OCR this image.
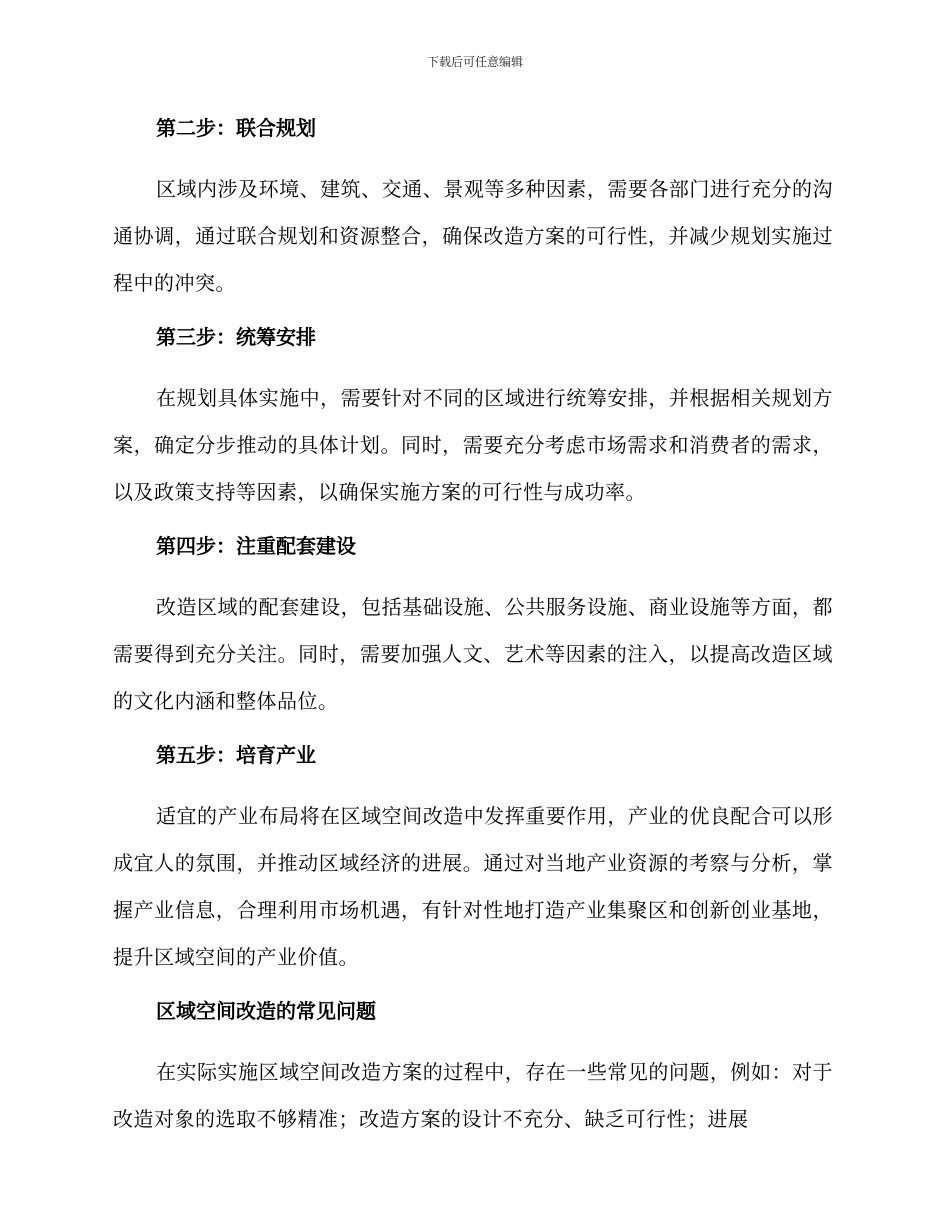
下载后可任意编辑
第二步：联合规划

区域内涉及环境、建筑、交通、景观等多种因素，需要各部门进行充分的沟通协调，通过联合规划和资源整合，确保改造方案的可行性，并减少规划实施过程中的冲突。

第三步：统筹安排

在规划具体实施中，需要针对不同的区域进行统筹安排，并根据相关规划方案，确定分步推动的具体计划。同时，需要充分考虑市场需求和消费者的需求，以及政策支持等因素，以确保实施方案的可行性与成功率。

第四步：注重配套建设

改造区域的配套建设，包括基础设施、公共服务设施、商业设施等方面，都需要得到充分关注。同时，需要加强人文、艺术等因素的注入，以提高改造区域的文化内涵和整体品位。

第五步：培育产业

适宜的产业布局将在区域空间改造中发挥重要作用，产业的优良配合可以形成宜人的氛围，并推动区域经济的进展。通过对当地产业资源的考察与分析，掌握产业信息，合理利用市场机遇，有针对性地打造产业集聚区和创新创业基地，提升区域空间的产业价值。

区域空间改造的常见问题

在实际实施区域空间改造方案的过程中，存在一些常见的问题，例如：对于改造对象的选取不够精准；改造方案的设计不充分、缺乏可行性；进展
